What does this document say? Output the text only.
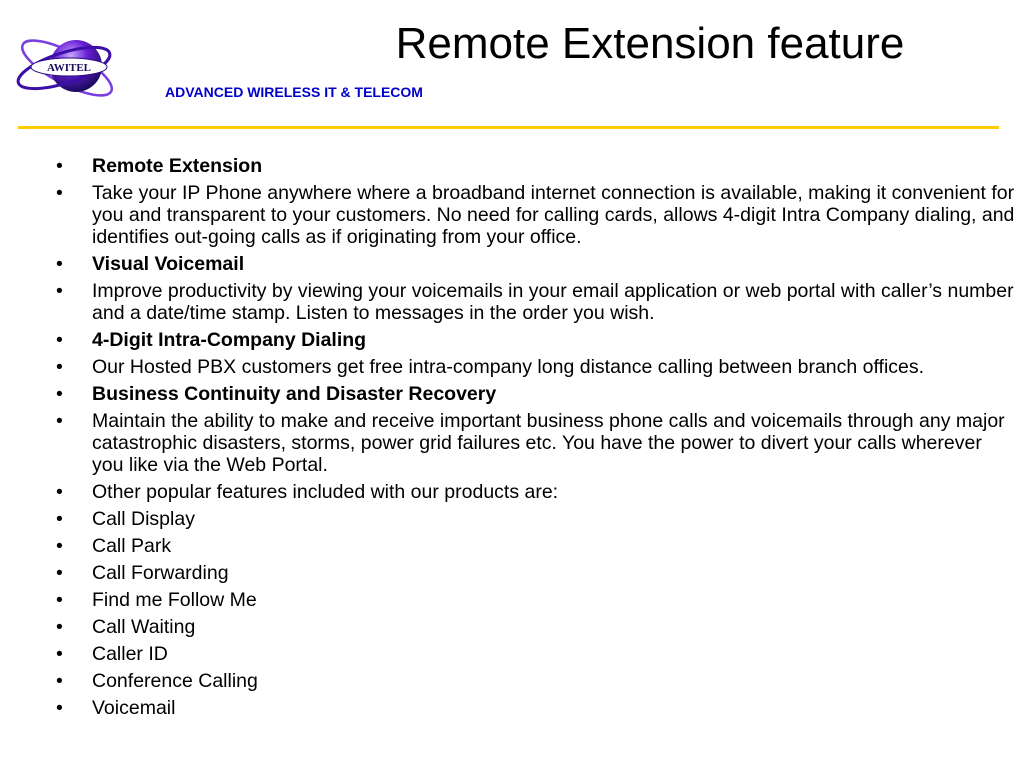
AWITEL	Remote Extension feature
ADVANCED WIRELESS IT & TELECOM
• Remote Extension
• Take your IP Phone anywhere where a broadband internet connection is available, making it convenient for you and transparent to your customers. No need for calling cards, allows 4-digit Intra Company dialing, and identifies out-going calls as if originating from your office.
• Visual Voicemail
• Improve productivity by viewing your voicemails in your email application or web portal with caller’s number and a date/time stamp. Listen to messages in the order you wish.
• 4-Digit Intra-Company Dialing
• Our Hosted PBX customers get free intra-company long distance calling between branch offices.
• Business Continuity and Disaster Recovery
• Maintain the ability to make and receive important business phone calls and voicemails through any major catastrophic disasters, storms, power grid failures etc. You have the power to divert your calls wherever you like via the Web Portal.
• Other popular features included with our products are:
• Call Display
• Call Park
• Call Forwarding
• Find me Follow Me
• Call Waiting
• Caller ID
• Conference Calling
• Voicemail
